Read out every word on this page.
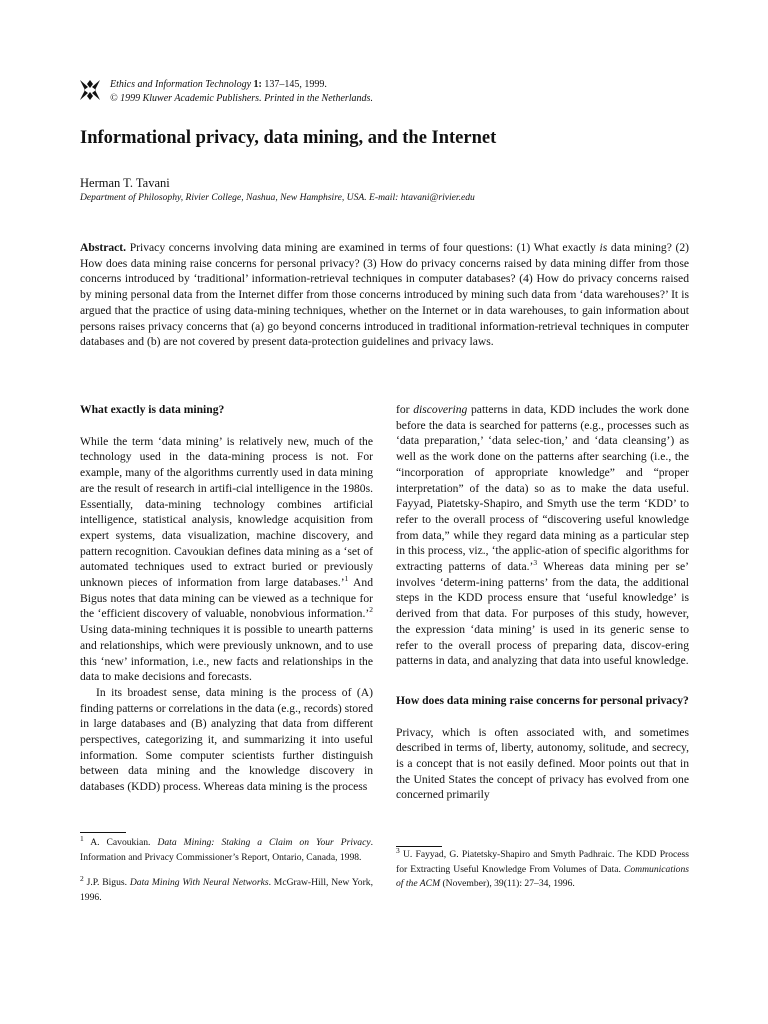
Ethics and Information Technology 1: 137–145, 1999.
© 1999 Kluwer Academic Publishers. Printed in the Netherlands.
Informational privacy, data mining, and the Internet
Herman T. Tavani
Department of Philosophy, Rivier College, Nashua, New Hamphsire, USA. E-mail: htavani@rivier.edu

Abstract. Privacy concerns involving data mining are examined in terms of four questions: (1) What exactly is data mining? (2) How does data mining raise concerns for personal privacy? (3) How do privacy concerns raised by data mining differ from those concerns introduced by ‘traditional’ information-retrieval techniques in computer databases? (4) How do privacy concerns raised by mining personal data from the Internet differ from those concerns introduced by mining such data from ‘data warehouses?’ It is argued that the practice of using data-mining techniques, whether on the Internet or in data warehouses, to gain information about persons raises privacy concerns that (a) go beyond concerns introduced in traditional information-retrieval techniques in computer databases and (b) are not covered by present data-protection guidelines and privacy laws.

What exactly is data mining?

While the term ‘data mining’ is relatively new, much of the technology used in the data-mining process is not. For example, many of the algorithms currently used in data mining are the result of research in artifi-cial intelligence in the 1980s. Essentially, data-mining technology combines artificial intelligence, statistical analysis, knowledge acquisition from expert systems, data visualization, machine discovery, and pattern recognition. Cavoukian defines data mining as a ‘set of automated techniques used to extract buried or previously unknown pieces of information from large databases.’$^1$ And Bigus notes that data mining can be viewed as a technique for the ‘efficient discovery of valuable, nonobvious information.’$^2$ Using data-mining techniques it is possible to unearth patterns and relationships, which were previously unknown, and to use this ‘new’ information, i.e., new facts and relationships in the data to make decisions and forecasts.

In its broadest sense, data mining is the process of (A) finding patterns or correlations in the data (e.g., records) stored in large databases and (B) analyzing that data from different perspectives, categorizing it, and summarizing it into useful information. Some computer scientists further distinguish between data mining and the knowledge discovery in databases (KDD) process. Whereas data mining is the process

for discovering patterns in data, KDD includes the work done before the data is searched for patterns (e.g., processes such as ‘data preparation,’ ‘data selec-tion,’ and ‘data cleansing’) as well as the work done on the patterns after searching (i.e., the “incorporation of appropriate knowledge” and “proper interpretation” of the data) so as to make the data useful. Fayyad, Piatetsky-Shapiro, and Smyth use the term ‘KDD’ to refer to the overall process of “discovering useful knowledge from data,” while they regard data mining as a particular step in this process, viz., ‘the applic-ation of specific algorithms for extracting patterns of data.’$^3$ Whereas data mining per se’ involves ‘determ-ining patterns’ from the data, the additional steps in the KDD process ensure that ‘useful knowledge’ is derived from that data. For purposes of this study, however, the expression ‘data mining’ is used in its generic sense to refer to the overall process of preparing data, discov-ering patterns in data, and analyzing that data into useful knowledge.

How does data mining raise concerns for personal privacy?

Privacy, which is often associated with, and sometimes described in terms of, liberty, autonomy, solitude, and secrecy, is a concept that is not easily defined. Moor points out that in the United States the concept of privacy has evolved from one concerned primarily

$^1$ A. Cavoukian. Data Mining: Staking a Claim on Your Privacy. Information and Privacy Commissioner’s Report, Ontario, Canada, 1998.

$^2$ J.P. Bigus. Data Mining With Neural Networks. McGraw-Hill, New York, 1996.

$^3$ U. Fayyad, G. Piatetsky-Shapiro and Smyth Padhraic. The KDD Process for Extracting Useful Knowledge From Volumes of Data. Communications of the ACM (November), 39(11): 27–34, 1996.
